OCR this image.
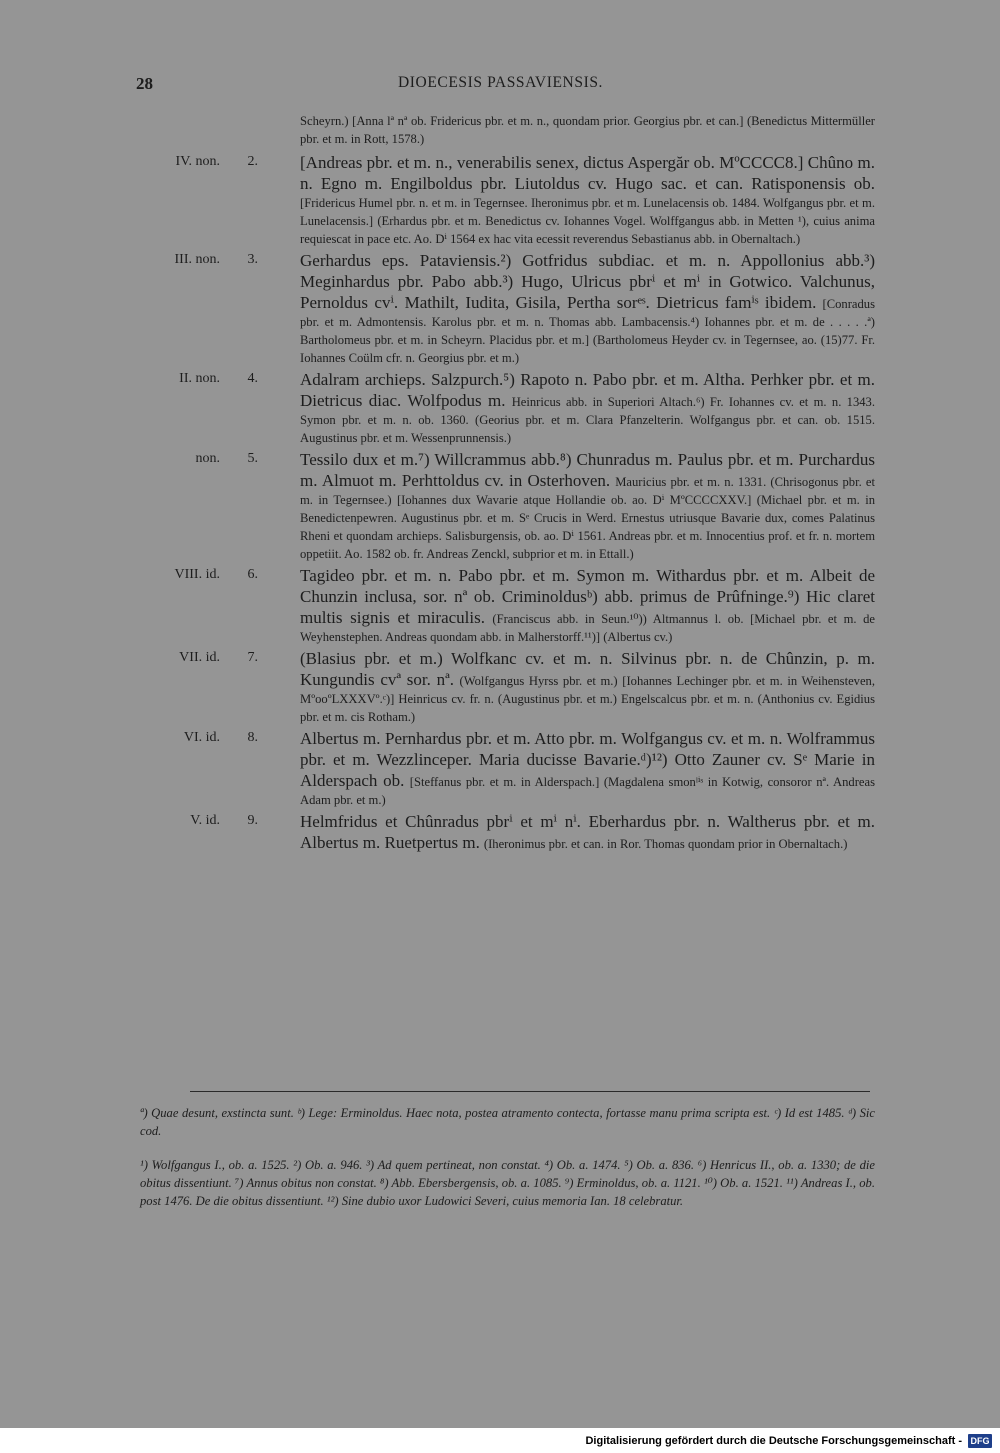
28	DIOECESIS PASSAVIENSIS.

Scheyrn.) [Anna lª nª ob. Fridericus pbr. et m. n., quondam prior. Georgius pbr. et can.] (Benedictus Mittermüller pbr. et m. in Rott, 1578.)

IV. non.	2. [Andreas pbr. et m. n., venerabilis senex, dictus Aspergăr ob. MºCCCC8.] Chûno m. n. Egno m. Engilboldus pbr. Liutoldus cv. Hugo sac. et can. Ratisponensis ob. [Fridericus Humel pbr. n. et m. in Tegernsee. Iheronimus pbr. et m. Lunelacensis ob. 1484. Wolfgangus pbr. et m. Lunelacensis.] (Erhardus pbr. et m. Benedictus cv. Iohannes Vogel. Wolffgangus abb. in Metten ¹), cuius anima requiescat in pace etc. Ao. Dⁱ 1564 ex hac vita ecessit reverendus Sebastianus abb. in Obernaltach.)

III. non.	3. Gerhardus eps. Pataviensis.²) Gotfridus subdiac. et m. n. Appollonius abb.³) Meginhardus pbr. Pabo abb.³) Hugo, Ulricus pbrⁱ et mⁱ in Gotwico. Valchunus, Pernoldus cvⁱ. Mathilt, Iudita, Gisila, Pertha sorᵉˢ. Dietricus famⁱˢ ibidem. [Conradus pbr. et m. Admontensis. Karolus pbr. et m. n. Thomas abb. Lambacensis.⁴) Iohannes pbr. et m. de . . . . .ª) Bartholomeus pbr. et m. in Scheyrn. Placidus pbr. et m.] (Bartholomeus Heyder cv. in Tegernsee, ao. (15)77. Fr. Iohannes Coülm cfr. n. Georgius pbr. et m.)

II. non.	4. Adalram archieps. Salzpurch.⁵) Rapoto n. Pabo pbr. et m. Altha. Perhker pbr. et m. Dietricus diac. Wolfpodus m. Heinricus abb. in Superiori Altach.⁶) Fr. Iohannes cv. et m. n. 1343. Symon pbr. et m. n. ob. 1360. (Georius pbr. et m. Clara Pfanzelterin. Wolfgangus pbr. et can. ob. 1515. Augustinus pbr. et m. Wessenprunnensis.)

non.	5. Tessilo dux et m.⁷) Willcrammus abb.⁸) Chunradus m. Paulus pbr. et m. Purchardus m. Almuot m. Perhttoldus cv. in Osterhoven. Mauricius pbr. et m. n. 1331. (Chrisogonus pbr. et m. in Tegernsee.) [Iohannes dux Wavarie atque Hollandie ob. ao. Dⁱ MºCCCCXXV.] (Michael pbr. et m. in Benedictenpewren. Augustinus pbr. et m. Sᵉ Crucis in Werd. Ernestus utriusque Bavarie dux, comes Palatinus Rheni et quondam archieps. Salisburgensis, ob. ao. Dⁱ 1561. Andreas pbr. et m. Innocentius prof. et fr. n. mortem oppetiit. Ao. 1582 ob. fr. Andreas Zenckl, subprior et m. in Ettall.)

VIII. id.	6. Tagideo pbr. et m. n. Pabo pbr. et m. Symon m. Withardus pbr. et m. Albeit de Chunzin inclusa, sor. nª ob. Criminoldusᵇ) abb. primus de Prûfninge.⁹) Hic claret multis signis et miraculis. (Franciscus abb. in Seun.¹⁰)) Altmannus l. ob. [Michael pbr. et m. de Weyhenstephen. Andreas quondam abb. in Malherstorff.¹¹)] (Albertus cv.)

VII. id.	7. (Blasius pbr. et m.) Wolfkanc cv. et m. n. Silvinus pbr. n. de Chûnzin, p. m. Kungundis cvª sor. nª. (Wolfgangus Hyrss pbr. et m.) [Iohannes Lechinger pbr. et m. in Weihensteven, MºooºLXXXVº.ᶜ)] Heinricus cv. fr. n. (Augustinus pbr. et m.) Engelscalcus pbr. et m. n. (Anthonius cv. Egidius pbr. et m. cis Rotham.)

VI. id.	8. Albertus m. Pernhardus pbr. et m. Atto pbr. m. Wolfgangus cv. et m. n. Wolframmus pbr. et m. Wezzlinceper. Maria ducisse Bavarie.ᵈ)¹²) Otto Zauner cv. Sᵉ Marie in Alderspach ob. [Steffanus pbr. et m. in Alderspach.] (Magdalena smonˡⁱˢ in Kotwig, consoror nª. Andreas Adam pbr. et m.)

V. id.	9. Helmfridus et Chûnradus pbrⁱ et mⁱ nⁱ. Eberhardus pbr. n. Waltherus pbr. et m. Albertus m. Ruetpertus m. (Iheronimus pbr. et can. in Ror. Thomas quondam prior in Obernaltach.)

ª) Quae desunt, exstincta sunt. ᵇ) Lege: Erminoldus. Haec nota, postea atramento contecta, fortasse manu prima scripta est. ᶜ) Id est 1485. ᵈ) Sic cod.

¹) Wolfgangus I., ob. a. 1525. ²) Ob. a. 946. ³) Ad quem pertineat, non constat. ⁴) Ob. a. 1474. ⁵) Ob. a. 836. ⁶) Henricus II., ob. a. 1330; de die obitus dissentiunt. ⁷) Annus obitus non constat. ⁸) Abb. Ebersbergensis, ob. a. 1085. ⁹) Erminoldus, ob. a. 1121. ¹⁰) Ob. a. 1521. ¹¹) Andreas I., ob. post 1476. De die obitus dissentiunt. ¹²) Sine dubio uxor Ludowici Severi, cuius memoria Ian. 18 celebratur.

Digitalisierung gefördert durch die Deutsche Forschungsgemeinschaft - DFG
